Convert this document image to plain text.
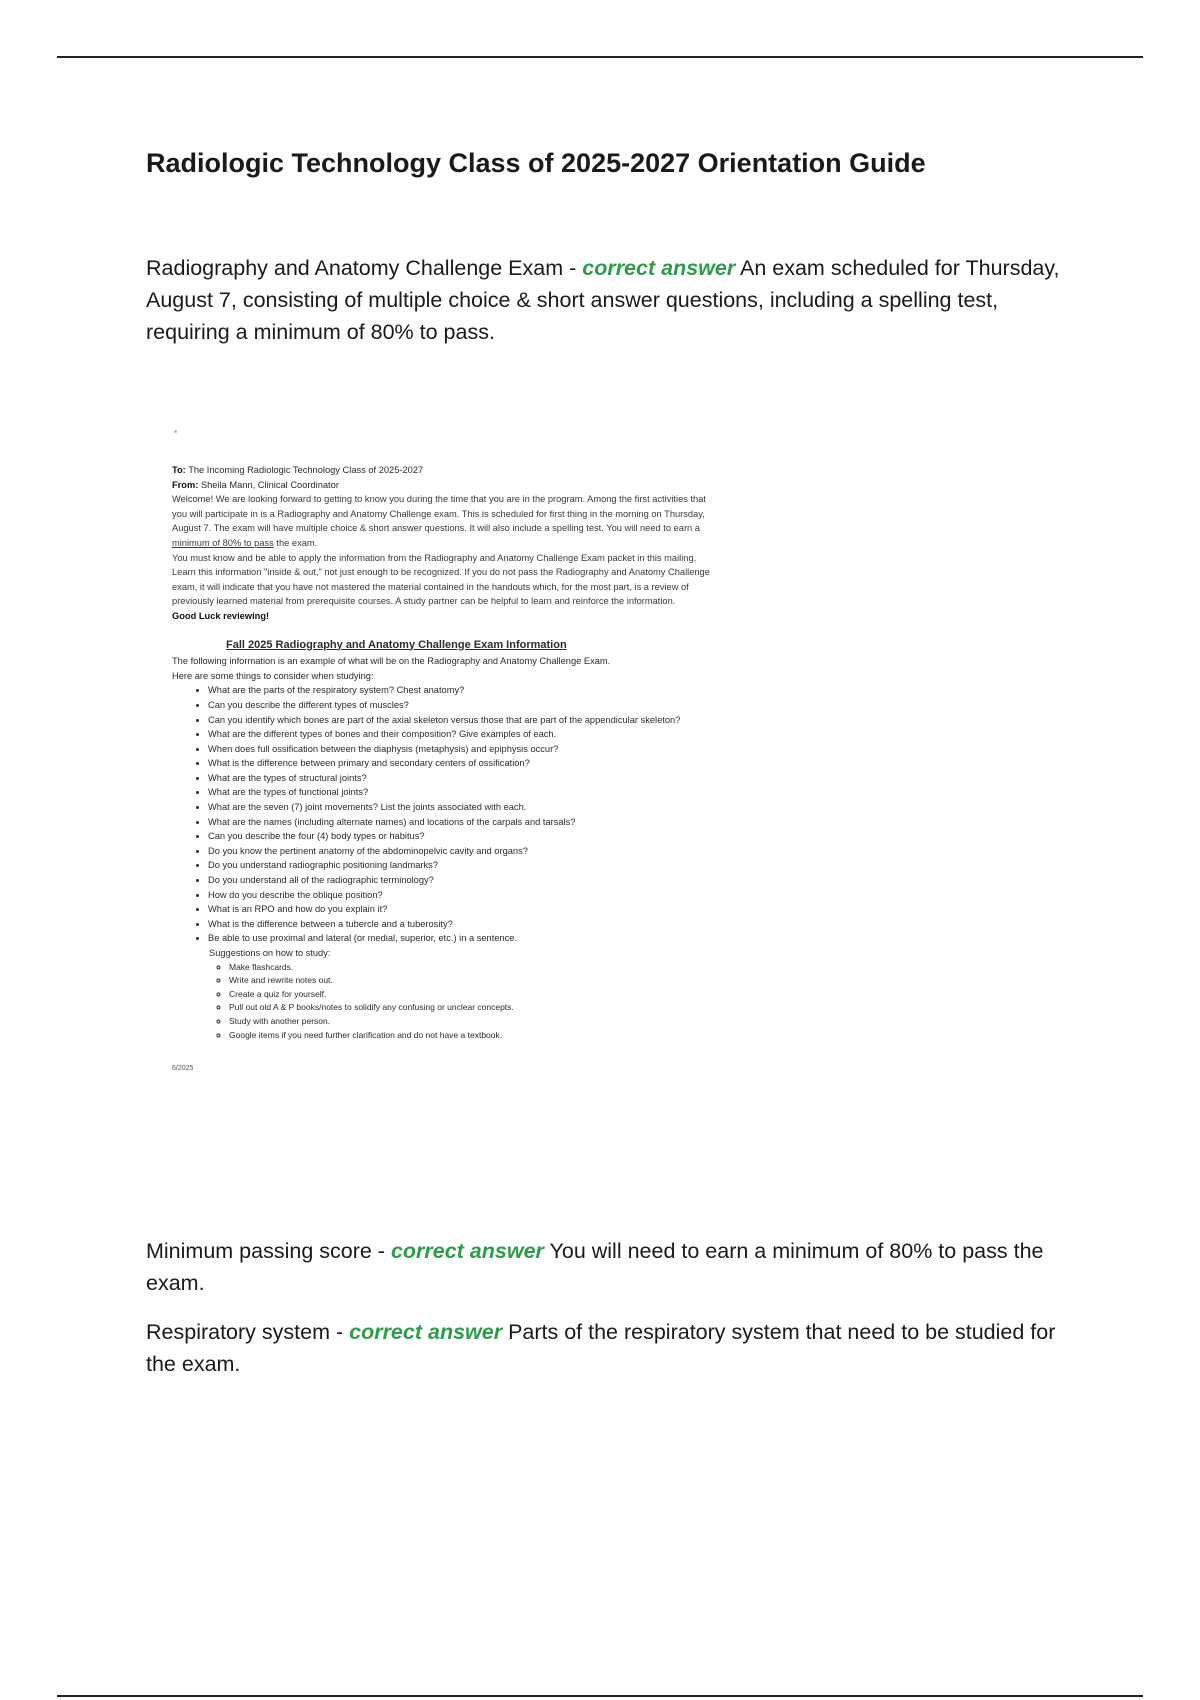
Radiologic Technology Class of 2025-2027 Orientation Guide
Radiography and Anatomy Challenge Exam - correct answer An exam scheduled for Thursday, August 7, consisting of multiple choice & short answer questions, including a spelling test, requiring a minimum of 80% to pass.

To: The Incoming Radiologic Technology Class of 2025-2027

From: Sheila Mann, Clinical Coordinator

Welcome! We are looking forward to getting to know you during the time that you are in the program. Among the first activities that you will participate in is a Radiography and Anatomy Challenge exam. This is scheduled for first thing in the morning on Thursday, August 7. The exam will have multiple choice & short answer questions. It will also include a spelling test. You will need to earn a minimum of 80% to pass the exam.

You must know and be able to apply the information from the Radiography and Anatomy Challenge Exam packet in this mailing. Learn this information "inside & out," not just enough to be recognized. If you do not pass the Radiography and Anatomy Challenge exam, it will indicate that you have not mastered the material contained in the handouts which, for the most part, is a review of previously learned material from prerequisite courses. A study partner can be helpful to learn and reinforce the information.

Good Luck reviewing!

Fall 2025 Radiography and Anatomy Challenge Exam Information

The following information is an example of what will be on the Radiography and Anatomy Challenge Exam.

Here are some things to consider when studying:

• What are the parts of the respiratory system? Chest anatomy?
• Can you describe the different types of muscles?
• Can you identify which bones are part of the axial skeleton versus those that are part of the appendicular skeleton?
• What are the different types of bones and their composition? Give examples of each.
• When does full ossification between the diaphysis (metaphysis) and epiphysis occur?
• What is the difference between primary and secondary centers of ossification?
• What are the types of structural joints?
• What are the types of functional joints?
• What are the seven (7) joint movements? List the joints associated with each.
• What are the names (including alternate names) and locations of the carpals and tarsals?
• Can you describe the four (4) body types or habitus?
• Do you know the pertinent anatomy of the abdominopelvic cavity and organs?
• Do you understand radiographic positioning landmarks?
• Do you understand all of the radiographic terminology?
• How do you describe the oblique position?
• What is an RPO and how do you explain it?
• What is the difference between a tubercle and a tuberosity?
• Be able to use proximal and lateral (or medial, superior, etc.) in a sentence.

Suggestions on how to study:

◦ Make flashcards.
◦ Write and rewrite notes out.
◦ Create a quiz for yourself.
◦ Pull out old A & P books/notes to solidify any confusing or unclear concepts.
◦ Study with another person.
◦ Google items if you need further clarification and do not have a textbook.

6/2025

Minimum passing score - correct answer You will need to earn a minimum of 80% to pass the exam.
Respiratory system - correct answer Parts of the respiratory system that need to be studied for the exam.
